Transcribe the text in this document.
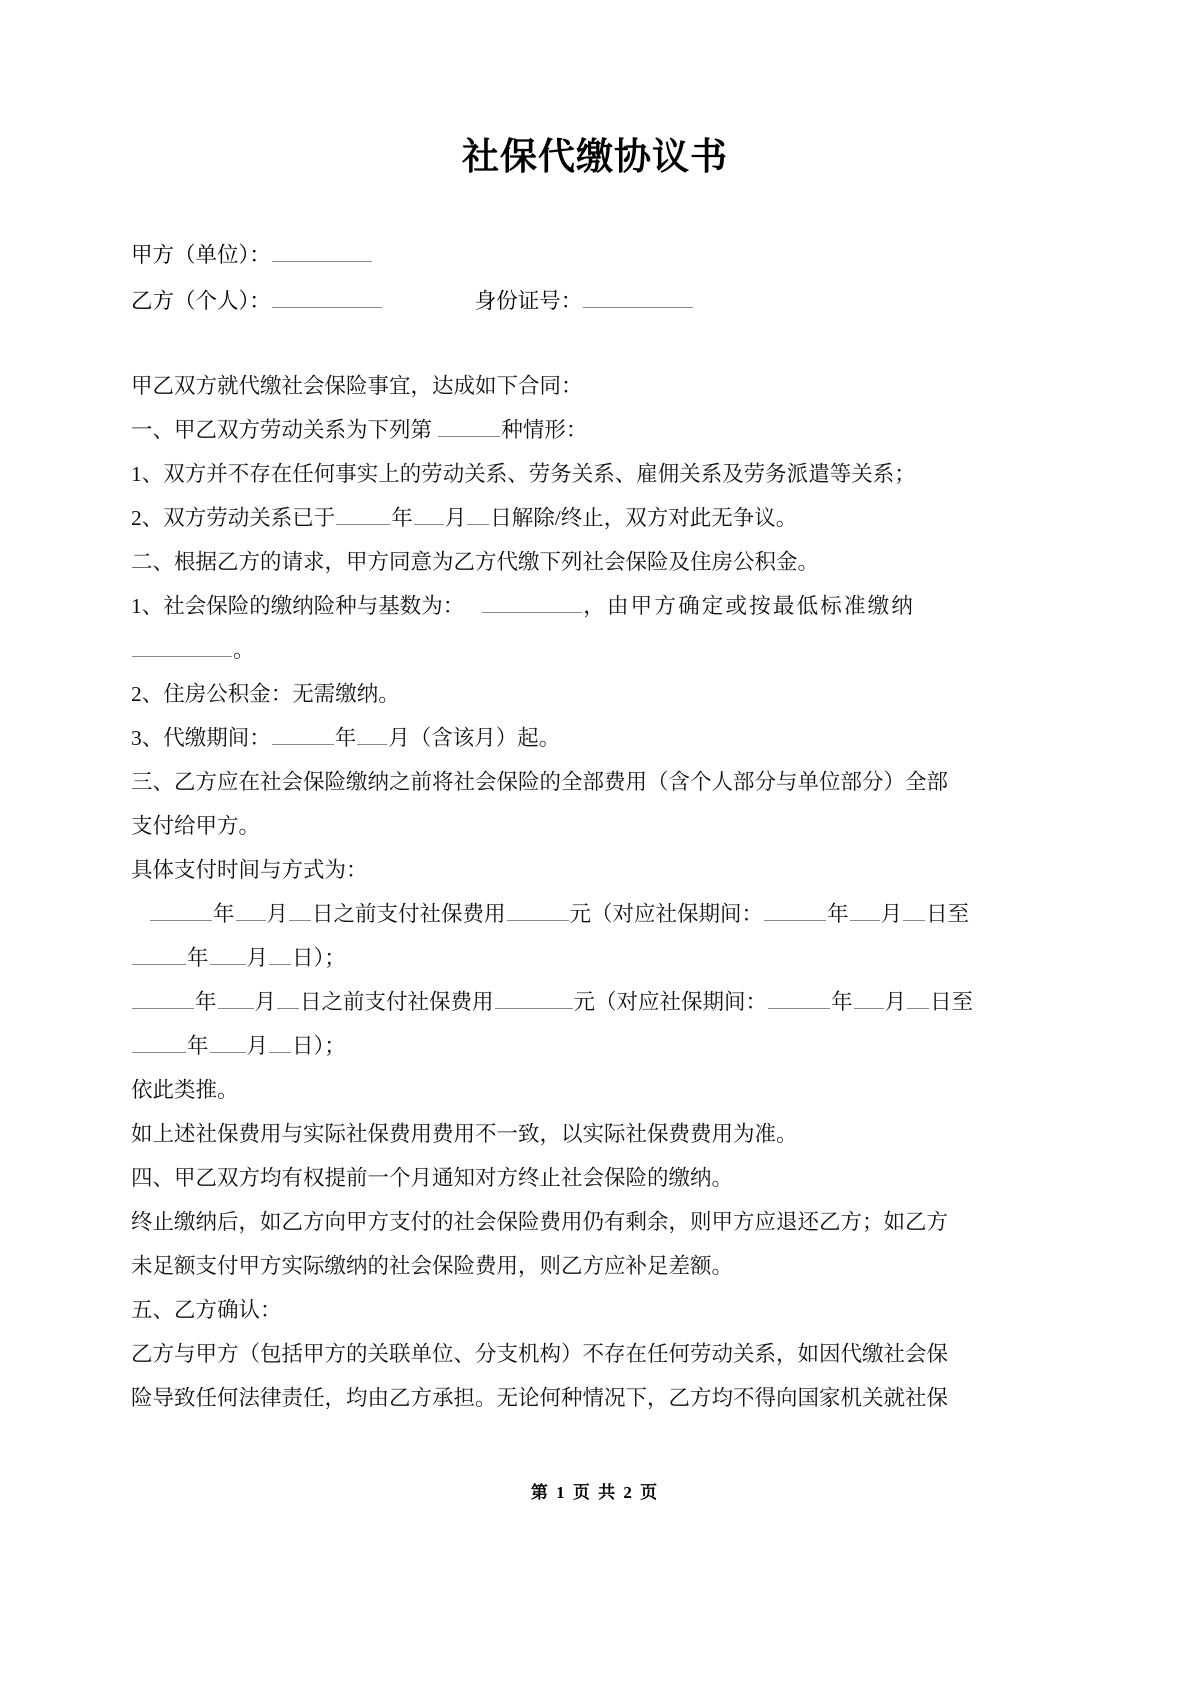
社保代缴协议书
甲方（单位）：
乙方（个人）：	身份证号：
甲乙双方就代缴社会保险事宜，达成如下合同：
一、甲乙双方劳动关系为下列第	种情形：
1、双方并不存在任何事实上的劳动关系、劳务关系、雇佣关系及劳务派遣等关系；
2、双方劳动关系已于	年 月 日解除/终止，双方对此无争议。
二、根据乙方的请求，甲方同意为乙方代缴下列社会保险及住房公积金。
1、社会保险的缴纳险种与基数为：	，由甲方确定或按最低标准缴纳
。
2、住房公积金：无需缴纳。
3、代缴期间：	年 月（含该月）起。
三、乙方应在社会保险缴纳之前将社会保险的全部费用（含个人部分与单位部分）全部
支付给甲方。
具体支付时间与方式为：
年 月 日之前支付社保费用	元（对应社保期间：	年 月 日至
年 月 日）；
年 月 日之前支付社保费用	元（对应社保期间：	年 月 日至
年 月 日）；
依此类推。
如上述社保费用与实际社保费用费用不一致，以实际社保费费用为准。
四、甲乙双方均有权提前一个月通知对方终止社会保险的缴纳。
终止缴纳后，如乙方向甲方支付的社会保险费用仍有剩余，则甲方应退还乙方；如乙方
未足额支付甲方实际缴纳的社会保险费用，则乙方应补足差额。
五、乙方确认：
乙方与甲方（包括甲方的关联单位、分支机构）不存在任何劳动关系，如因代缴社会保
险导致任何法律责任，均由乙方承担。无论何种情况下，乙方均不得向国家机关就社保
第 1 页 共 2 页
